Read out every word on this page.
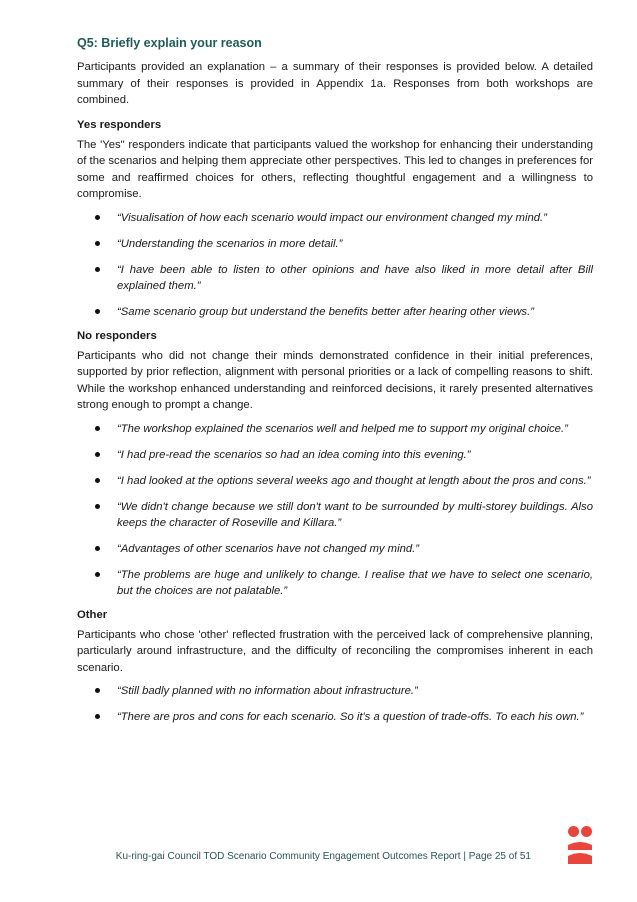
Q5: Briefly explain your reason

Participants provided an explanation – a summary of their responses is provided below. A detailed summary of their responses is provided in Appendix 1a. Responses from both workshops are combined.

Yes responders

The 'Yes" responders indicate that participants valued the workshop for enhancing their understanding of the scenarios and helping them appreciate other perspectives. This led to changes in preferences for some and reaffirmed choices for others, reflecting thoughtful engagement and a willingness to compromise.

“Visualisation of how each scenario would impact our environment changed my mind.”
“Understanding the scenarios in more detail.”
“I have been able to listen to other opinions and have also liked in more detail after Bill explained them.”
“Same scenario group but understand the benefits better after hearing other views.”
No responders

Participants who did not change their minds demonstrated confidence in their initial preferences, supported by prior reflection, alignment with personal priorities or a lack of compelling reasons to shift. While the workshop enhanced understanding and reinforced decisions, it rarely presented alternatives strong enough to prompt a change.

“The workshop explained the scenarios well and helped me to support my original choice.”
“I had pre-read the scenarios so had an idea coming into this evening.”
“I had looked at the options several weeks ago and thought at length about the pros and cons.”
“We didn't change because we still don't want to be surrounded by multi-storey buildings. Also keeps the character of Roseville and Killara.”
“Advantages of other scenarios have not changed my mind.”
“The problems are huge and unlikely to change. I realise that we have to select one scenario, but the choices are not palatable.”
Other

Participants who chose 'other' reflected frustration with the perceived lack of comprehensive planning, particularly around infrastructure, and the difficulty of reconciling the compromises inherent in each scenario.

“Still badly planned with no information about infrastructure.”
“There are pros and cons for each scenario. So it's a question of trade-offs. To each his own.”
Ku-ring-gai Council TOD Scenario Community Engagement Outcomes Report | Page 25 of 51
